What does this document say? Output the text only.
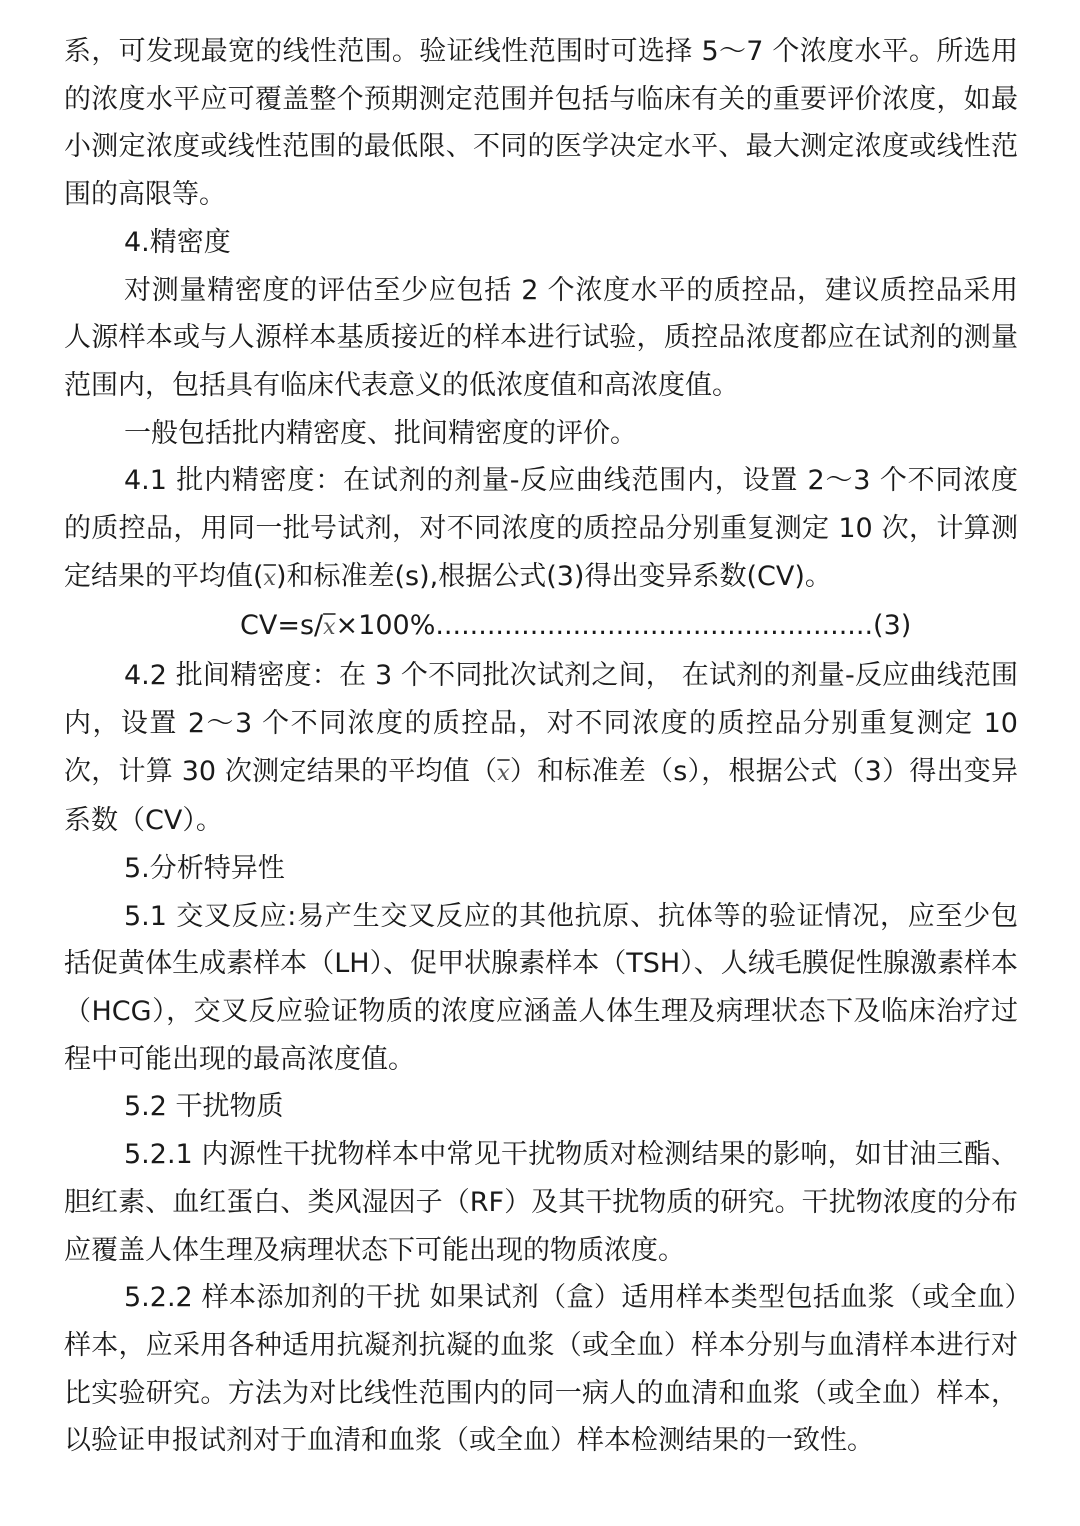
系，可发现最宽的线性范围。验证线性范围时可选择 5～7 个浓度水平。所选用的浓度水平应可覆盖整个预期测定范围并包括与临床有关的重要评价浓度，如最小测定浓度或线性范围的最低限、不同的医学决定水平、最大测定浓度或线性范围的高限等。

4.精密度

对测量精密度的评估至少应包括 2 个浓度水平的质控品，建议质控品采用人源样本或与人源样本基质接近的样本进行试验，质控品浓度都应在试剂的测量范围内，包括具有临床代表意义的低浓度值和高浓度值。

一般包括批内精密度、批间精密度的评价。

4.1 批内精密度：在试剂的剂量-反应曲线范围内，设置 2～3 个不同浓度的质控品，用同一批号试剂，对不同浓度的质控品分别重复测定 10 次，计算测定结果的平均值$(\overline{x})$和标准差(s),根据公式(3)得出变异系数(CV)。

$CV=s/\overline{x}\times 100\%...................................................(3)$

4.2 批间精密度：在 3 个不同批次试剂之间， 在试剂的剂量-反应曲线范围内，设置 2～3 个不同浓度的质控品，对不同浓度的质控品分别重复测定 10 次，计算 30 次测定结果的平均值$(\overline{x})$和标准差（s），根据公式（3）得出变异系数（CV）。

5.分析特异性

5.1 交叉反应:易产生交叉反应的其他抗原、抗体等的验证情况，应至少包括促黄体生成素样本（LH）、促甲状腺素样本（TSH）、人绒毛膜促性腺激素样本（HCG），交叉反应验证物质的浓度应涵盖人体生理及病理状态下及临床治疗过程中可能出现的最高浓度值。

5.2 干扰物质

5.2.1 内源性干扰物样本中常见干扰物质对检测结果的影响，如甘油三酯、胆红素、血红蛋白、类风湿因子（RF）及其干扰物质的研究。干扰物浓度的分布应覆盖人体生理及病理状态下可能出现的物质浓度。

5.2.2 样本添加剂的干扰 如果试剂（盒）适用样本类型包括血浆（或全血）样本，应采用各种适用抗凝剂抗凝的血浆（或全血）样本分别与血清样本进行对比实验研究。方法为对比线性范围内的同一病人的血清和血浆（或全血）样本，以验证申报试剂对于血清和血浆（或全血）样本检测结果的一致性。
